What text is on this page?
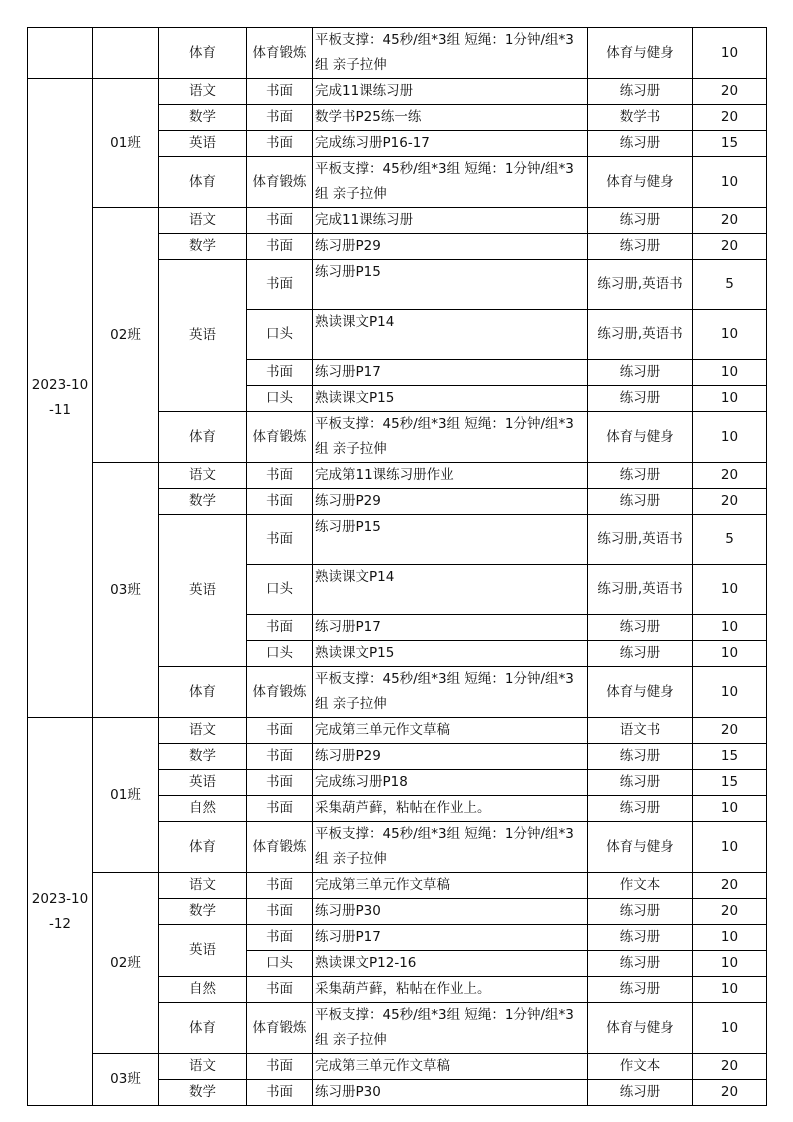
		体育	体育锻炼	平板支撑：45秒/组*3组 短绳：1分钟/组*3组 亲子拉伸	体育与健身	10
2023-10-11	01班	语文	书面	完成11课练习册	练习册	20
		数学	书面	数学书P25练一练	数学书	20
		英语	书面	完成练习册P16-17	练习册	15
		体育	体育锻炼	平板支撑：45秒/组*3组 短绳：1分钟/组*3组 亲子拉伸	体育与健身	10
	02班	语文	书面	完成11课练习册	练习册	20
		数学	书面	练习册P29	练习册	20
		英语	书面	练习册P15	练习册,英语书	5
			口头	熟读课文P14	练习册,英语书	10
			书面	练习册P17	练习册	10
			口头	熟读课文P15	练习册	10
		体育	体育锻炼	平板支撑：45秒/组*3组 短绳：1分钟/组*3组 亲子拉伸	体育与健身	10
	03班	语文	书面	完成第11课练习册作业	练习册	20
		数学	书面	练习册P29	练习册	20
		英语	书面	练习册P15	练习册,英语书	5
			口头	熟读课文P14	练习册,英语书	10
			书面	练习册P17	练习册	10
			口头	熟读课文P15	练习册	10
		体育	体育锻炼	平板支撑：45秒/组*3组 短绳：1分钟/组*3组 亲子拉伸	体育与健身	10
2023-10-12	01班	语文	书面	完成第三单元作文草稿	语文书	20
		数学	书面	练习册P29	练习册	15
		英语	书面	完成练习册P18	练习册	15
		自然	书面	采集葫芦藓，粘帖在作业上。	练习册	10
		体育	体育锻炼	平板支撑：45秒/组*3组 短绳：1分钟/组*3组 亲子拉伸	体育与健身	10
	02班	语文	书面	完成第三单元作文草稿	作文本	20
		数学	书面	练习册P30	练习册	20
		英语	书面	练习册P17	练习册	10
			口头	熟读课文P12-16	练习册	10
		自然	书面	采集葫芦藓，粘帖在作业上。	练习册	10
		体育	体育锻炼	平板支撑：45秒/组*3组 短绳：1分钟/组*3组 亲子拉伸	体育与健身	10
	03班	语文	书面	完成第三单元作文草稿	作文本	20
		数学	书面	练习册P30	练习册	20
